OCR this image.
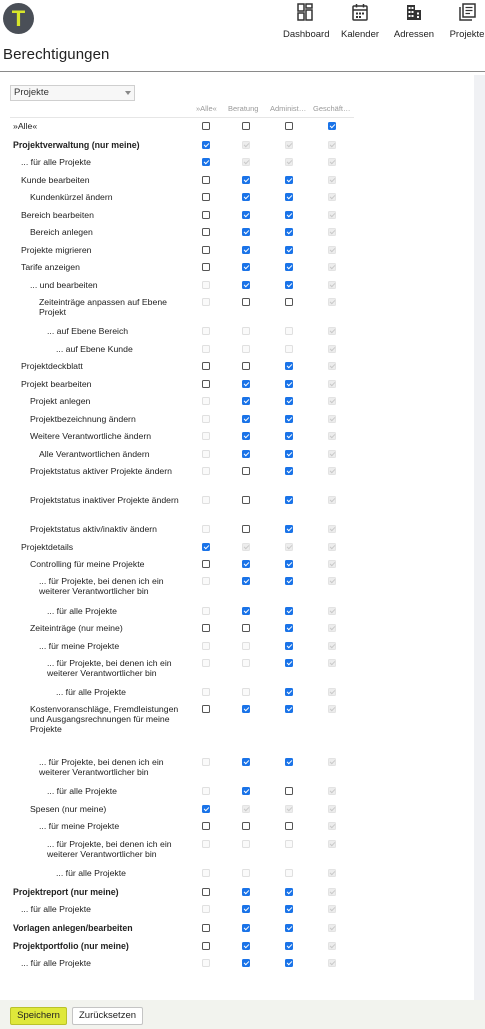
T
Dashboard Kalender Adressen Projekte
Berechtigungen
Projekte
»Alle« Beratung Administ… Geschäft…
»Alle«
Projektverwaltung (nur meine)
... für alle Projekte
Kunde bearbeiten
Kundenkürzel ändern
Bereich bearbeiten
Bereich anlegen
Projekte migrieren
Tarife anzeigen
... und bearbeiten
Zeiteinträge anpassen auf Ebene Projekt
... auf Ebene Bereich
... auf Ebene Kunde
Projektdeckblatt
Projekt bearbeiten
Projekt anlegen
Projektbezeichnung ändern
Weitere Verantwortliche ändern
Alle Verantwortlichen ändern
Projektstatus aktiver Projekte ändern
Projektstatus inaktiver Projekte ändern
Projektstatus aktiv/inaktiv ändern
Projektdetails
Controlling für meine Projekte
... für Projekte, bei denen ich ein weiterer Verantwortlicher bin
... für alle Projekte
Zeiteinträge (nur meine)
... für meine Projekte
... für Projekte, bei denen ich ein weiterer Verantwortlicher bin
... für alle Projekte
Kostenvoranschläge, Fremdleistungen und Ausgangsrechnungen für meine Projekte
... für Projekte, bei denen ich ein weiterer Verantwortlicher bin
... für alle Projekte
Spesen (nur meine)
... für meine Projekte
... für Projekte, bei denen ich ein weiterer Verantwortlicher bin
... für alle Projekte
Projektreport (nur meine)
... für alle Projekte
Vorlagen anlegen/bearbeiten
Projektportfolio (nur meine)
... für alle Projekte
Speichern	Zurücksetzen
